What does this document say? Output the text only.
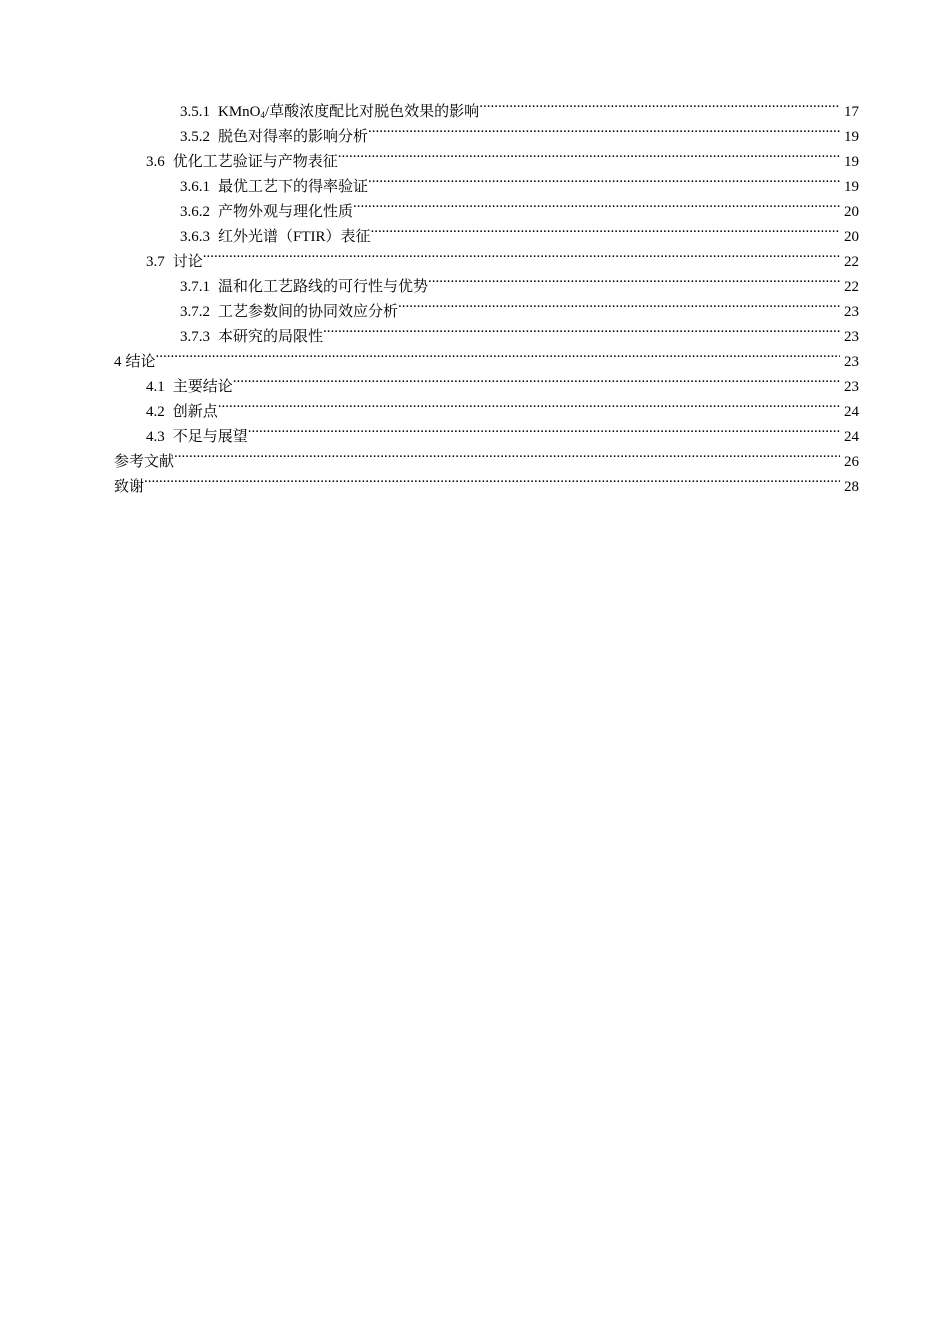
3.5.1 KMnO$_4$/草酸浓度配比对脱色效果的影响 .....	17
3.5.2 脱色对得率的影响分析 .....	19
3.6 优化工艺验证与产物表征 .....	19
3.6.1 最优工艺下的得率验证 .....	19
3.6.2 产物外观与理化性质 .....	20
3.6.3 红外光谱（FTIR）表征 .....	20
3.7 讨论 .....	22
3.7.1 温和化工艺路线的可行性与优势 .....	22
3.7.2 工艺参数间的协同效应分析 .....	23
3.7.3 本研究的局限性 .....	23
4 结论 .....	23
4.1 主要结论 .....	23
4.2 创新点 .....	24
4.3 不足与展望 .....	24
参考文献 .....	26
致谢 .....	28
